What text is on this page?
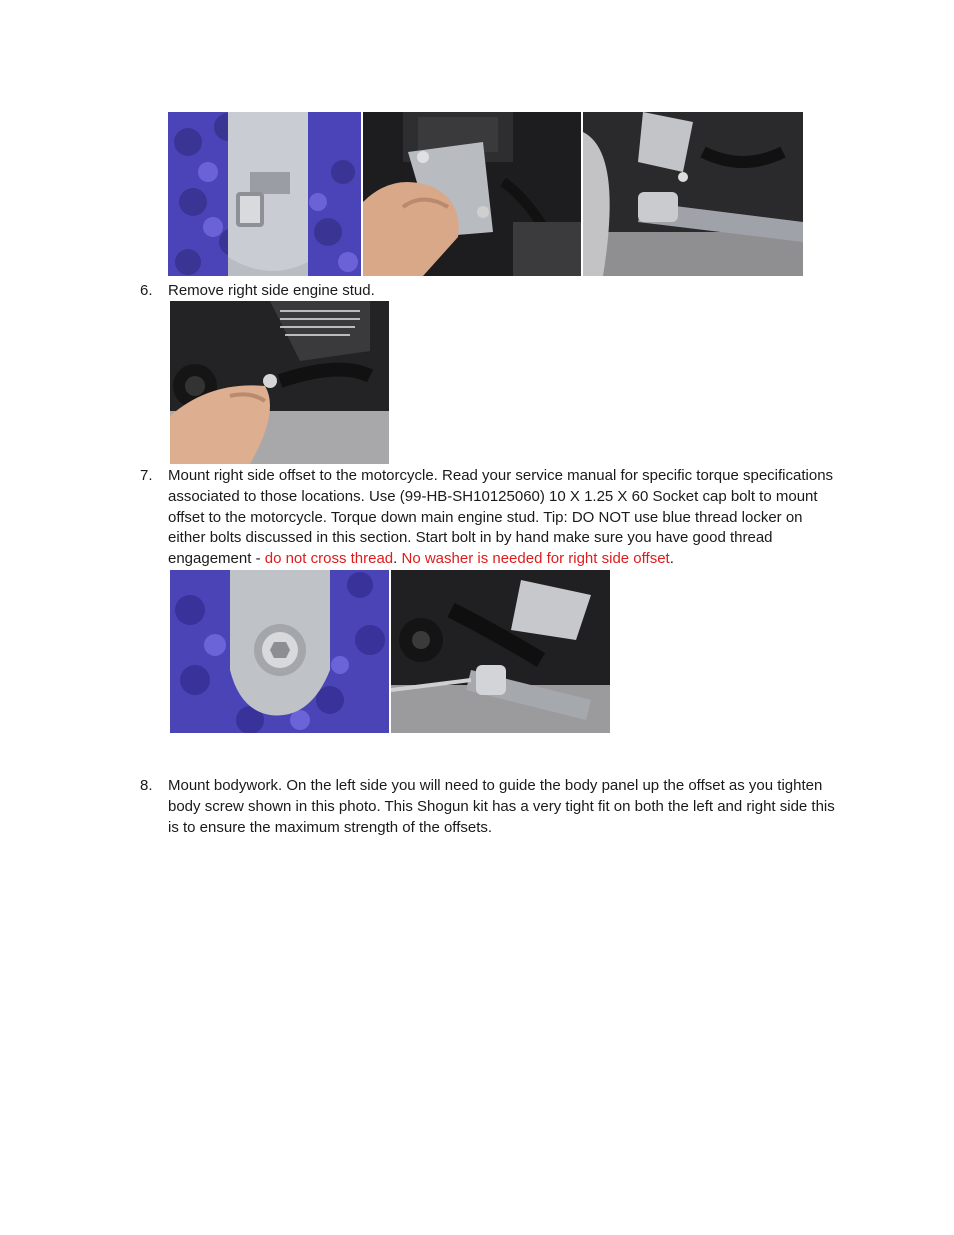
6.	Remove right side engine stud.
7.	Mount right side offset to the motorcycle. Read your service manual for specific torque specifications associated to those locations. Use (99-HB-SH10125060) 10 X 1.25 X 60 Socket cap bolt to mount offset to the motorcycle. Torque down main engine stud. Tip: DO NOT use blue thread locker on either bolts discussed in this section. Start bolt in by hand make sure you have good thread engagement - do not cross thread. No washer is needed for right side offset.
8.	Mount bodywork. On the left side you will need to guide the body panel up the offset as you tighten body screw shown in this photo. This Shogun kit has a very tight fit on both the left and right side this is to ensure the maximum strength of the offsets.
